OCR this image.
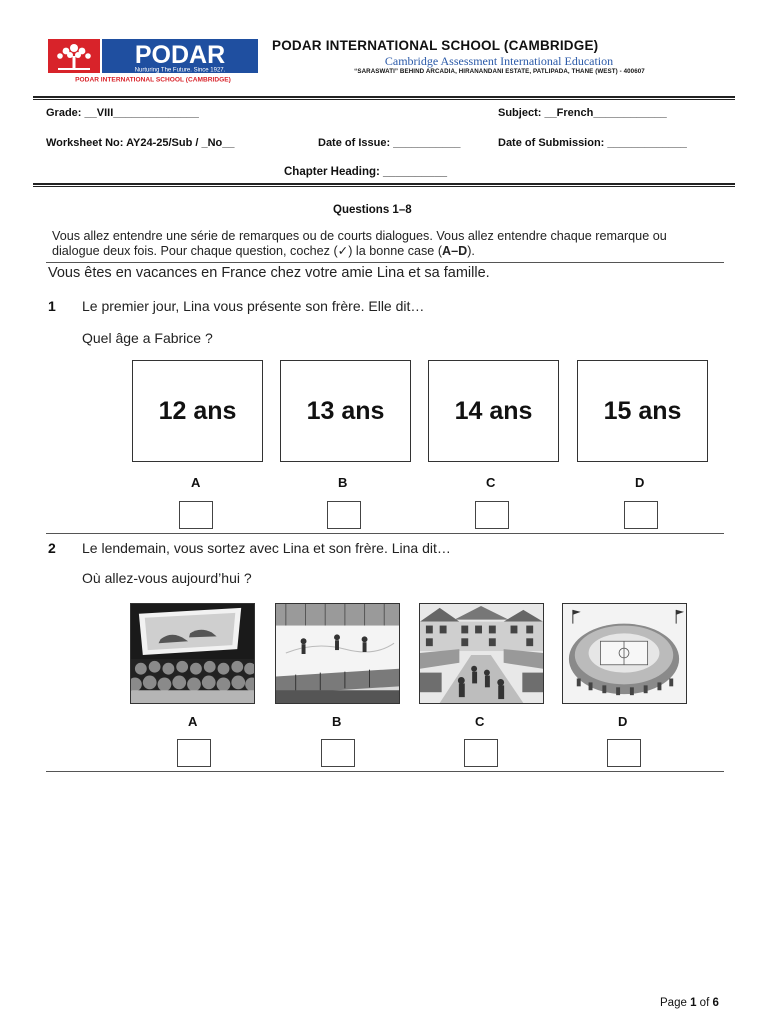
PODAR
Nurturing The Future. Since 1927.
PODAR INTERNATIONAL SCHOOL (CAMBRIDGE)
PODAR INTERNATIONAL SCHOOL (CAMBRIDGE)
Cambridge Assessment International Education
“SARASWATI” BEHIND ARCADIA, HIRANANDANI ESTATE, PATLIPADA, THANE (WEST) - 400607
Grade: __VIII______________	Subject: __French____________
Worksheet No: AY24-25/Sub / _No__	Date of Issue: ___________	Date of Submission: _____________
Chapter Heading: __________
Questions 1–8
Vous allez entendre une série de remarques ou de courts dialogues. Vous allez entendre chaque remarque ou dialogue deux fois. Pour chaque question, cochez (✓) la bonne case (A–D).
Vous êtes en vacances en France chez votre amie Lina et sa famille.
1 Le premier jour, Lina vous présente son frère. Elle dit…
Quel âge a Fabrice ?
12 ans	13 ans	14 ans	15 ans
A	B	C	D
2 Le lendemain, vous sortez avec Lina et son frère. Lina dit…
Où allez-vous aujourd’hui ?
A	B	C	D
Page 1 of 6
